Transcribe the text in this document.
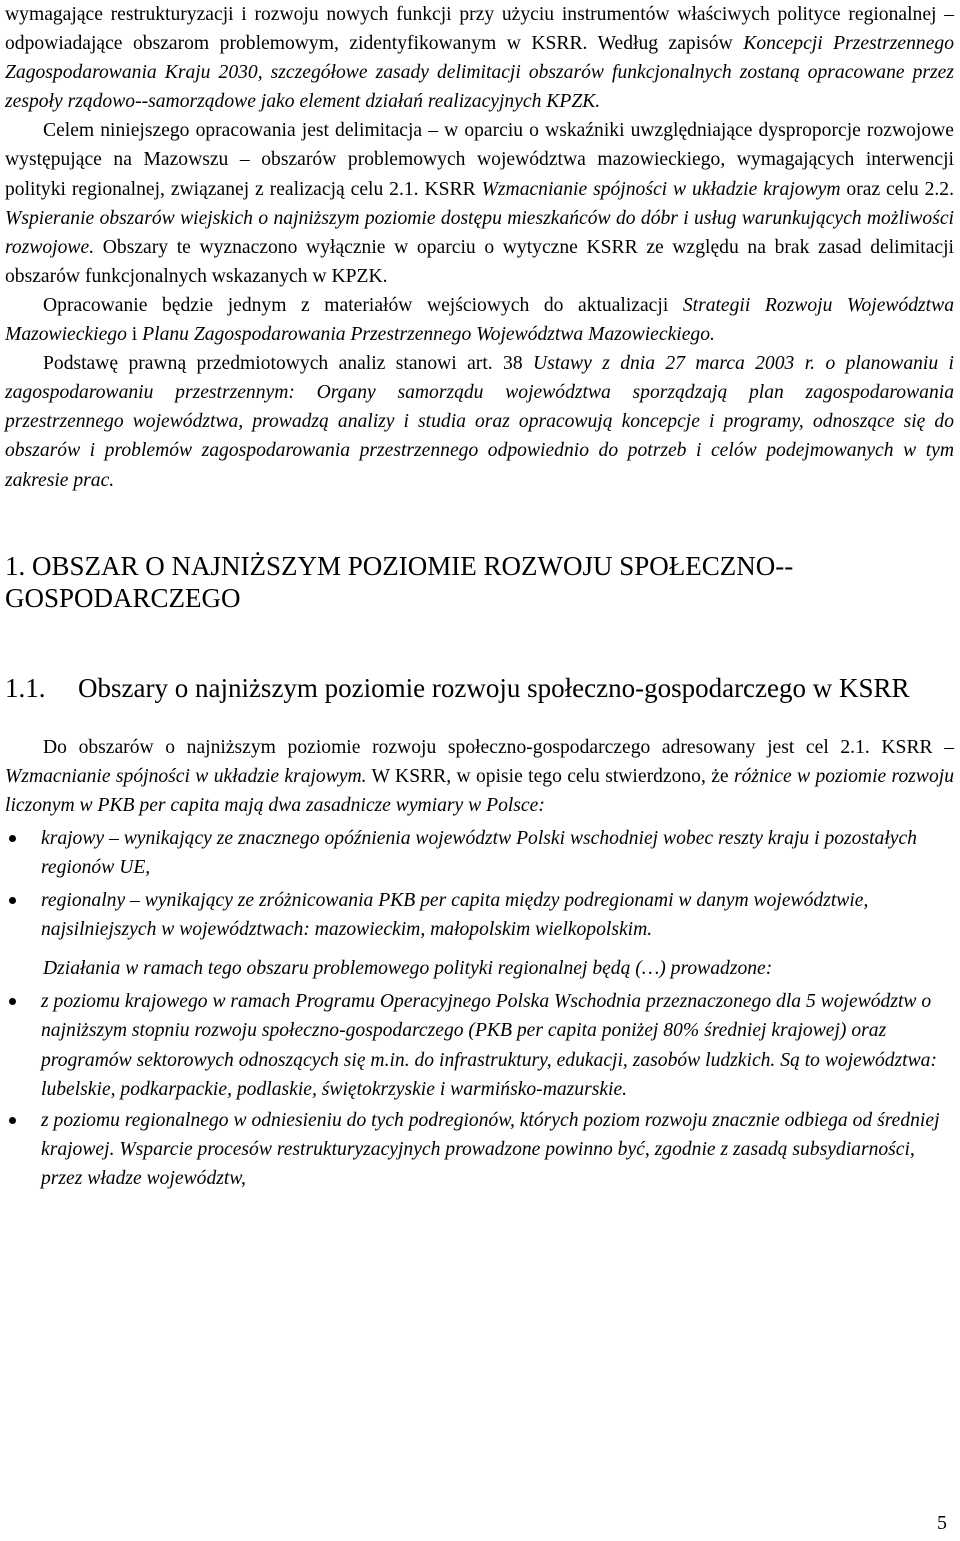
wymagające restrukturyzacji i rozwoju nowych funkcji przy użyciu instrumentów właściwych polityce regionalnej – odpowiadające obszarom problemowym, zidentyfikowanym w KSRR. Według zapisów Koncepcji Przestrzennego Zagospodarowania Kraju 2030, szczegółowe zasady delimitacji obszarów funkcjonalnych zostaną opracowane przez zespoły rządowo--samorządowe jako element działań realizacyjnych KPZK.

Celem niniejszego opracowania jest delimitacja – w oparciu o wskaźniki uwzględniające dysproporcje rozwojowe występujące na Mazowszu – obszarów problemowych województwa mazowieckiego, wymagających interwencji polityki regionalnej, związanej z realizacją celu 2.1. KSRR Wzmacnianie spójności w układzie krajowym oraz celu 2.2. Wspieranie obszarów wiejskich o najniższym poziomie dostępu mieszkańców do dóbr i usług warunkujących możliwości rozwojowe. Obszary te wyznaczono wyłącznie w oparciu o wytyczne KSRR ze względu na brak zasad delimitacji obszarów funkcjonalnych wskazanych w KPZK.

Opracowanie będzie jednym z materiałów wejściowych do aktualizacji Strategii Rozwoju Województwa Mazowieckiego i Planu Zagospodarowania Przestrzennego Województwa Mazowieckiego.

Podstawę prawną przedmiotowych analiz stanowi art. 38 Ustawy z dnia 27 marca 2003 r. o planowaniu i zagospodarowaniu przestrzennym: Organy samorządu województwa sporządzają plan zagospodarowania przestrzennego województwa, prowadzą analizy i studia oraz opracowują koncepcje i programy, odnoszące się do obszarów i problemów zagospodarowania przestrzennego odpowiednio do potrzeb i celów podejmowanych w tym zakresie prac.

1. OBSZAR O NAJNIŻSZYM POZIOMIE ROZWOJU SPOŁECZNO--GOSPODARCZEGO
1.1. Obszary o najniższym poziomie rozwoju społeczno-gospodarczego w KSRR

Do obszarów o najniższym poziomie rozwoju społeczno-gospodarczego adresowany jest cel 2.1. KSRR – Wzmacnianie spójności w układzie krajowym. W KSRR, w opisie tego celu stwierdzono, że różnice w poziomie rozwoju liczonym w PKB per capita mają dwa zasadnicze wymiary w Polsce:

krajowy – wynikający ze znacznego opóźnienia województw Polski wschodniej wobec reszty kraju i pozostałych regionów UE,
regionalny – wynikający ze zróżnicowania PKB per capita między podregionami w danym województwie, najsilniejszych w województwach: mazowieckim, małopolskim wielkopolskim.

Działania w ramach tego obszaru problemowego polityki regionalnej będą (…) prowadzone:

z poziomu krajowego w ramach Programu Operacyjnego Polska Wschodnia przeznaczonego dla 5 województw o najniższym stopniu rozwoju społeczno-gospodarczego (PKB per capita poniżej 80% średniej krajowej) oraz programów sektorowych odnoszących się m.in. do infrastruktury, edukacji, zasobów ludzkich. Są to województwa: lubelskie, podkarpackie, podlaskie, świętokrzyskie i warmińsko-mazurskie.
z poziomu regionalnego w odniesieniu do tych podregionów, których poziom rozwoju znacznie odbiega od średniej krajowej. Wsparcie procesów restrukturyzacyjnych prowadzone powinno być, zgodnie z zasadą subsydiarności, przez władze województw,
5
